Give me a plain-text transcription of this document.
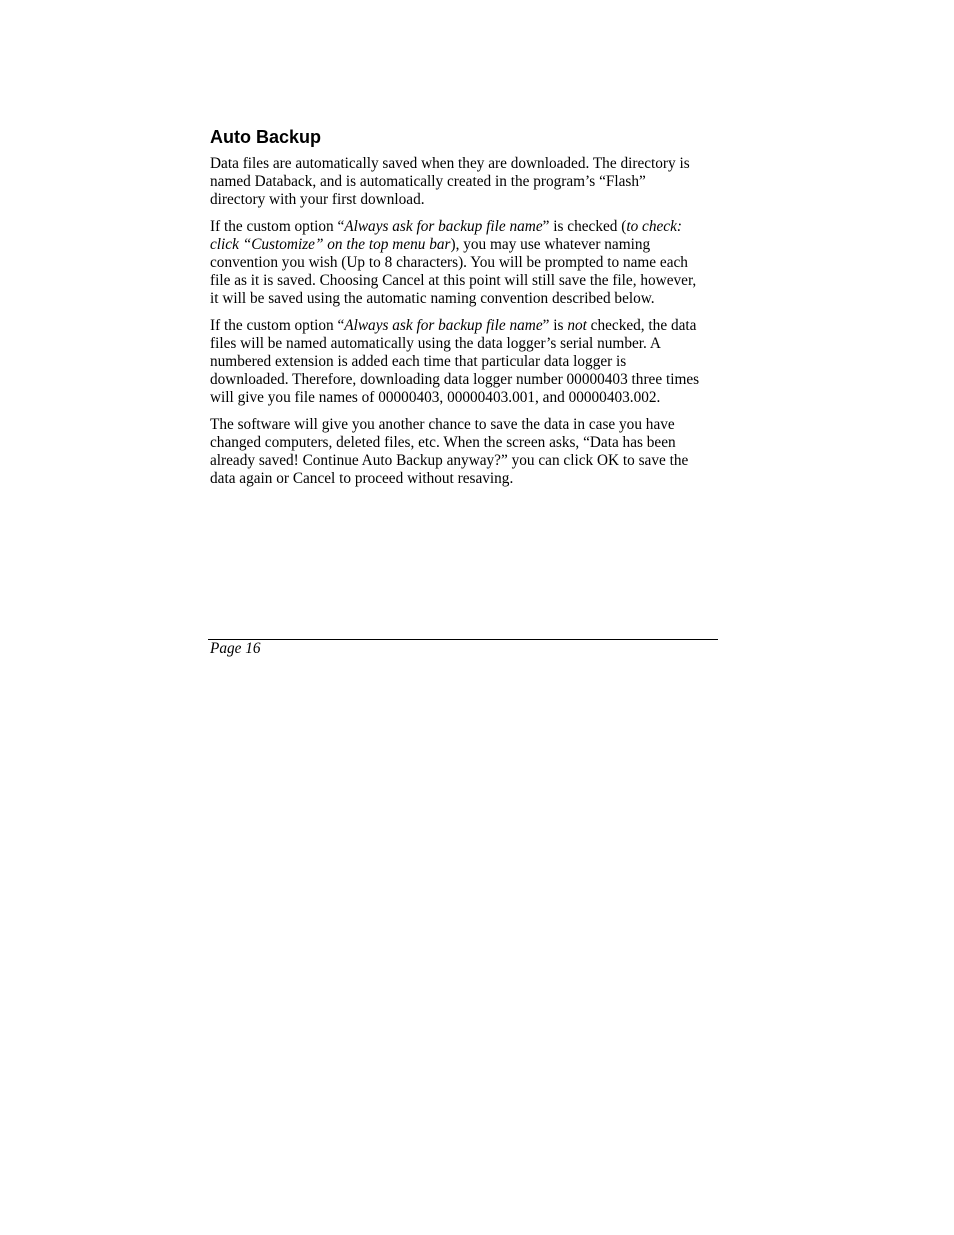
Auto Backup

Data files are automatically saved when they are downloaded. The directory is
named Databack, and is automatically created in the program’s “Flash”
directory with your first download.

If the custom option “Always ask for backup file name” is checked (to check:
click “Customize” on the top menu bar), you may use whatever naming
convention you wish (Up to 8 characters). You will be prompted to name each
file as it is saved. Choosing Cancel at this point will still save the file, however,
it will be saved using the automatic naming convention described below.

If the custom option “Always ask for backup file name” is not checked, the data
files will be named automatically using the data logger’s serial number. A
numbered extension is added each time that particular data logger is
downloaded. Therefore, downloading data logger number 00000403 three times
will give you file names of 00000403, 00000403.001, and 00000403.002.

The software will give you another chance to save the data in case you have
changed computers, deleted files, etc. When the screen asks, “Data has been
already saved! Continue Auto Backup anyway?” you can click OK to save the
data again or Cancel to proceed without resaving.

Page 16
